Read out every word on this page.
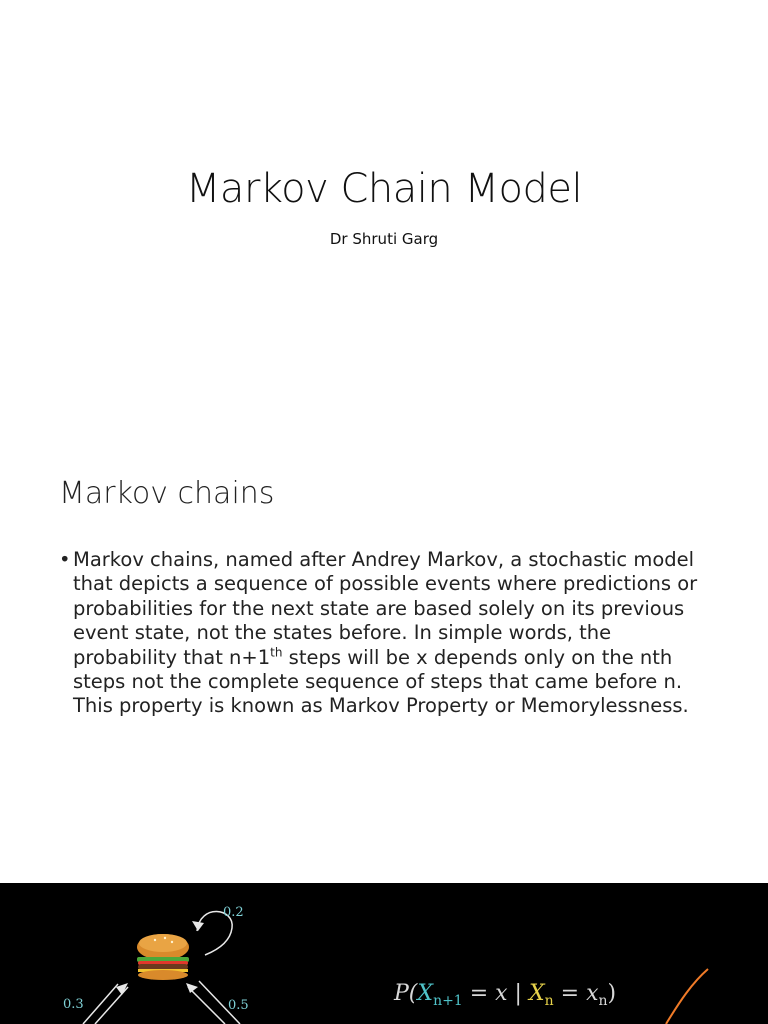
Markov Chain Model
Dr Shruti Garg
Markov chains
• Markov chains, named after Andrey Markov, a stochastic model that depicts a sequence of possible events where predictions or probabilities for the next state are based solely on its previous event state, not the states before. In simple words, the probability that n+1th steps will be x depends only on the nth steps not the complete sequence of steps that came before n. This property is known as Markov Property or Memorylessness.
0.2
0.3	0.5	$P(X_{n+1} = x$ | $X_n = x_n$)
